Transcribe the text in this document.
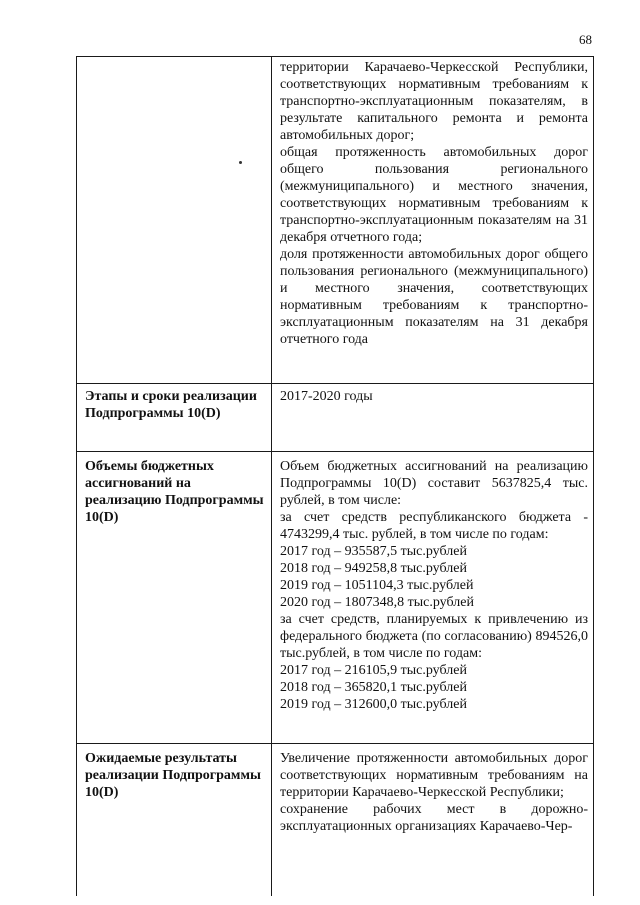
68

территории Карачаево-Черкесской Республики, соответствующих нормативным требованиям к транспортно-эксплуатационным показателям, в результате капитального ремонта и ремонта автомобильных дорог;

общая протяженность автомобильных дорог общего пользования регионального (межмуниципального) и местного значения, соответствующих нормативным требованиям к транспортно-эксплуатационным показателям на 31 декабря отчетного года;

доля протяженности автомобильных дорог общего пользования регионального (межмуниципального) и местного значения, соответствующих нормативным требованиям к транспортно-эксплуатационным показателям на 31 декабря отчетного года

Этапы и сроки реализации Подпрограммы 10(D)

2017-2020 годы

Объемы бюджетных ассигнований на реализацию Подпрограммы 10(D)

Объем бюджетных ассигнований на реализацию Подпрограммы 10(D) составит 5637825,4 тыс. рублей, в том числе:

за счет средств республиканского бюджета - 4743299,4 тыс. рублей, в том числе по годам:

2017 год – 935587,5 тыс.рублей

2018 год – 949258,8 тыс.рублей

2019 год – 1051104,3 тыс.рублей

2020 год – 1807348,8 тыс.рублей

за счет средств, планируемых к привлечению из федерального бюджета (по согласованию) 894526,0 тыс.рублей, в том числе по годам:

2017 год – 216105,9 тыс.рублей

2018 год – 365820,1 тыс.рублей

2019 год – 312600,0 тыс.рублей

Ожидаемые результаты реализации Подпрограммы 10(D)

Увеличение протяженности автомобильных дорог соответствующих нормативным требованиям на территории Карачаево-Черкесской Республики;

сохранение рабочих мест в дорожно-эксплуатационных организациях Карачаево-Чер-
